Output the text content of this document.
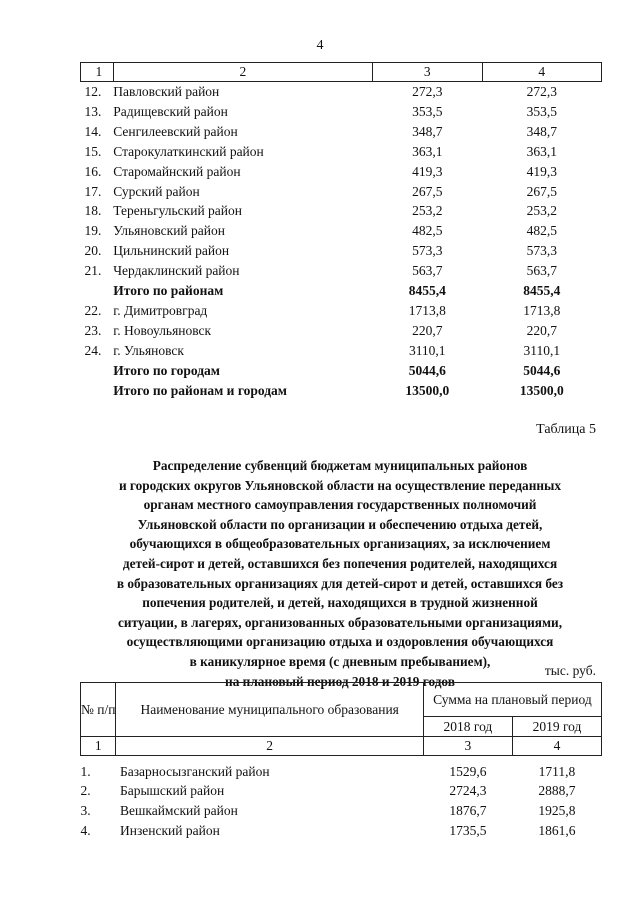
4
1	2	3	4
12.	Павловский район	272,3	272,3
13.	Радищевский район	353,5	353,5
14.	Сенгилеевский район	348,7	348,7
15.	Старокулаткинский район	363,1	363,1
16.	Старомайнский район	419,3	419,3
17.	Сурский район	267,5	267,5
18.	Тереньгульский район	253,2	253,2
19.	Ульяновский район	482,5	482,5
20.	Цильнинский район	573,3	573,3
21.	Чердаклинский район	563,7	563,7
	Итого по районам	8455,4	8455,4
22.	г. Димитровград	1713,8	1713,8
23.	г. Новоульяновск	220,7	220,7
24.	г. Ульяновск	3110,1	3110,1
	Итого по городам	5044,6	5044,6
	Итого по районам и городам	13500,0	13500,0
Таблица 5
Распределение субвенций бюджетам муниципальных районов
и городских округов Ульяновской области на осуществление переданных
органам местного самоуправления государственных полномочий
Ульяновской области по организации и обеспечению отдыха детей,
обучающихся в общеобразовательных организациях, за исключением
детей-сирот и детей, оставшихся без попечения родителей, находящихся
в образовательных организациях для детей-сирот и детей, оставшихся без
попечения родителей, и детей, находящихся в трудной жизненной
ситуации, в лагерях, организованных образовательными организациями,
осуществляющими организацию отдыха и оздоровления обучающихся
в каникулярное время (с дневным пребыванием),
на плановый период 2018 и 2019 годов
тыс. руб.
№ п/п	Наименование муниципального образования	Сумма на плановый период	
		2018 год	2019 год
1	2	3	4

1.	Базарносызганский район	1529,6	1711,8
2.	Барышский район	2724,3	2888,7
3.	Вешкаймский район	1876,7	1925,8
4.	Инзенский район	1735,5	1861,6
